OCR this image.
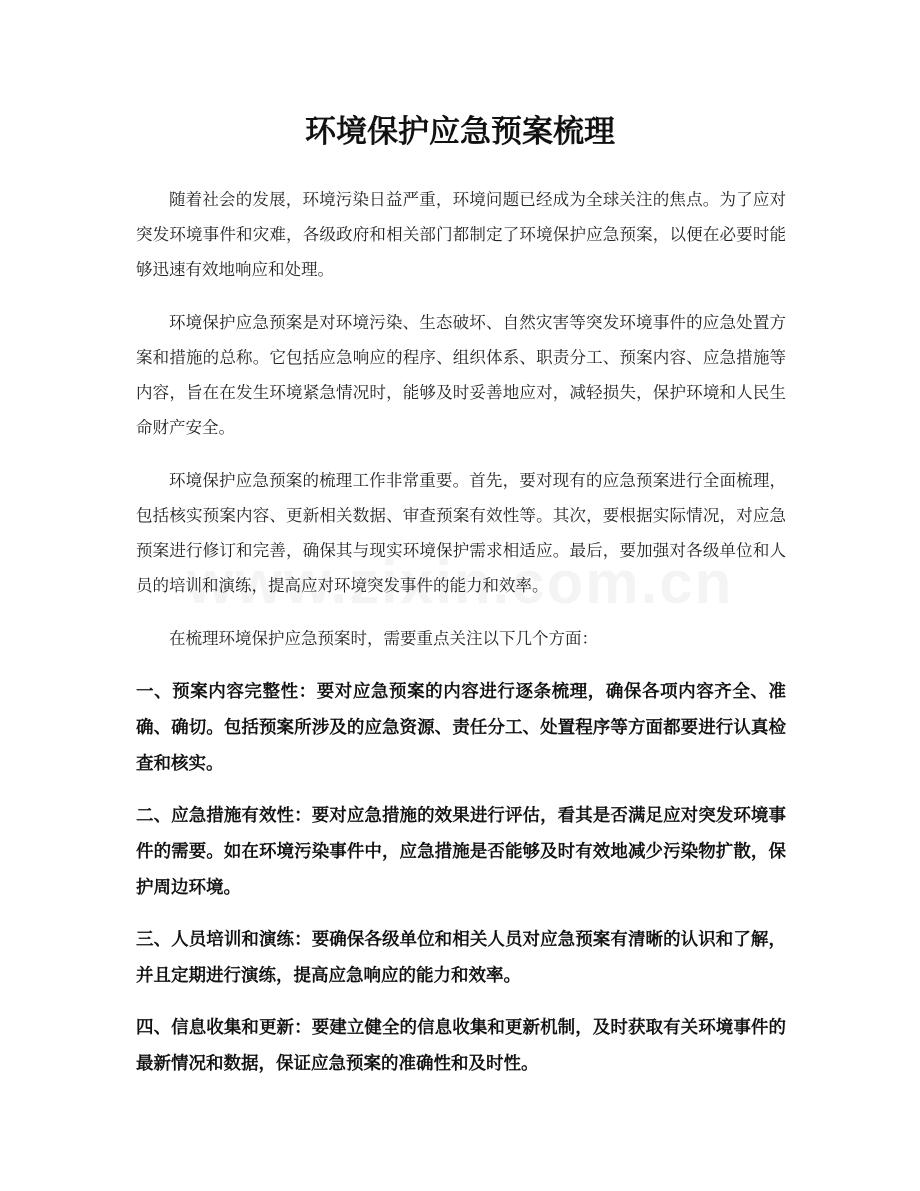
环境保护应急预案梳理

随着社会的发展，环境污染日益严重，环境问题已经成为全球关注的焦点。为了应对突发环境事件和灾难，各级政府和相关部门都制定了环境保护应急预案，以便在必要时能够迅速有效地响应和处理。

环境保护应急预案是对环境污染、生态破坏、自然灾害等突发环境事件的应急处置方案和措施的总称。它包括应急响应的程序、组织体系、职责分工、预案内容、应急措施等内容，旨在在发生环境紧急情况时，能够及时妥善地应对，减轻损失，保护环境和人民生命财产安全。

环境保护应急预案的梳理工作非常重要。首先，要对现有的应急预案进行全面梳理，包括核实预案内容、更新相关数据、审查预案有效性等。其次，要根据实际情况，对应急预案进行修订和完善，确保其与现实环境保护需求相适应。最后，要加强对各级单位和人员的培训和演练，提高应对环境突发事件的能力和效率。

在梳理环境保护应急预案时，需要重点关注以下几个方面：

一、预案内容完整性：要对应急预案的内容进行逐条梳理，确保各项内容齐全、准确、确切。包括预案所涉及的应急资源、责任分工、处置程序等方面都要进行认真检查和核实。

二、应急措施有效性：要对应急措施的效果进行评估，看其是否满足应对突发环境事件的需要。如在环境污染事件中，应急措施是否能够及时有效地减少污染物扩散，保护周边环境。

三、人员培训和演练：要确保各级单位和相关人员对应急预案有清晰的认识和了解，并且定期进行演练，提高应急响应的能力和效率。

四、信息收集和更新：要建立健全的信息收集和更新机制，及时获取有关环境事件的最新情况和数据，保证应急预案的准确性和及时性。
